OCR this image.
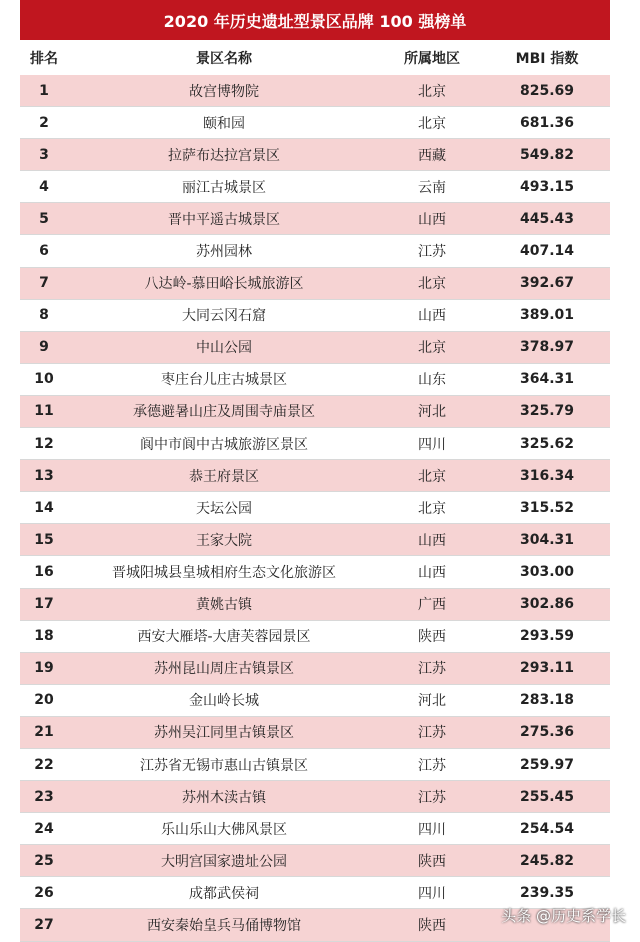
2020 年历史遗址型景区品牌 100 强榜单
排名	景区名称	所属地区	MBI 指数
1	故宫博物院	北京	825.69
2	颐和园	北京	681.36
3	拉萨布达拉宫景区	西藏	549.82
4	丽江古城景区	云南	493.15
5	晋中平遥古城景区	山西	445.43
6	苏州园林	江苏	407.14
7	八达岭-慕田峪长城旅游区	北京	392.67
8	大同云冈石窟	山西	389.01
9	中山公园	北京	378.97
10	枣庄台儿庄古城景区	山东	364.31
11	承德避暑山庄及周围寺庙景区	河北	325.79
12	阆中市阆中古城旅游区景区	四川	325.62
13	恭王府景区	北京	316.34
14	天坛公园	北京	315.52
15	王家大院	山西	304.31
16	晋城阳城县皇城相府生态文化旅游区	山西	303.00
17	黄姚古镇	广西	302.86
18	西安大雁塔-大唐芙蓉园景区	陕西	293.59
19	苏州昆山周庄古镇景区	江苏	293.11
20	金山岭长城	河北	283.18
21	苏州吴江同里古镇景区	江苏	275.36
22	江苏省无锡市惠山古镇景区	江苏	259.97
23	苏州木渎古镇	江苏	255.45
24	乐山乐山大佛风景区	四川	254.54
25	大明宫国家遗址公园	陕西	245.82
26	成都武侯祠	四川	239.35
27	西安秦始皇兵马俑博物馆	陕西
头条 @历史系学长
